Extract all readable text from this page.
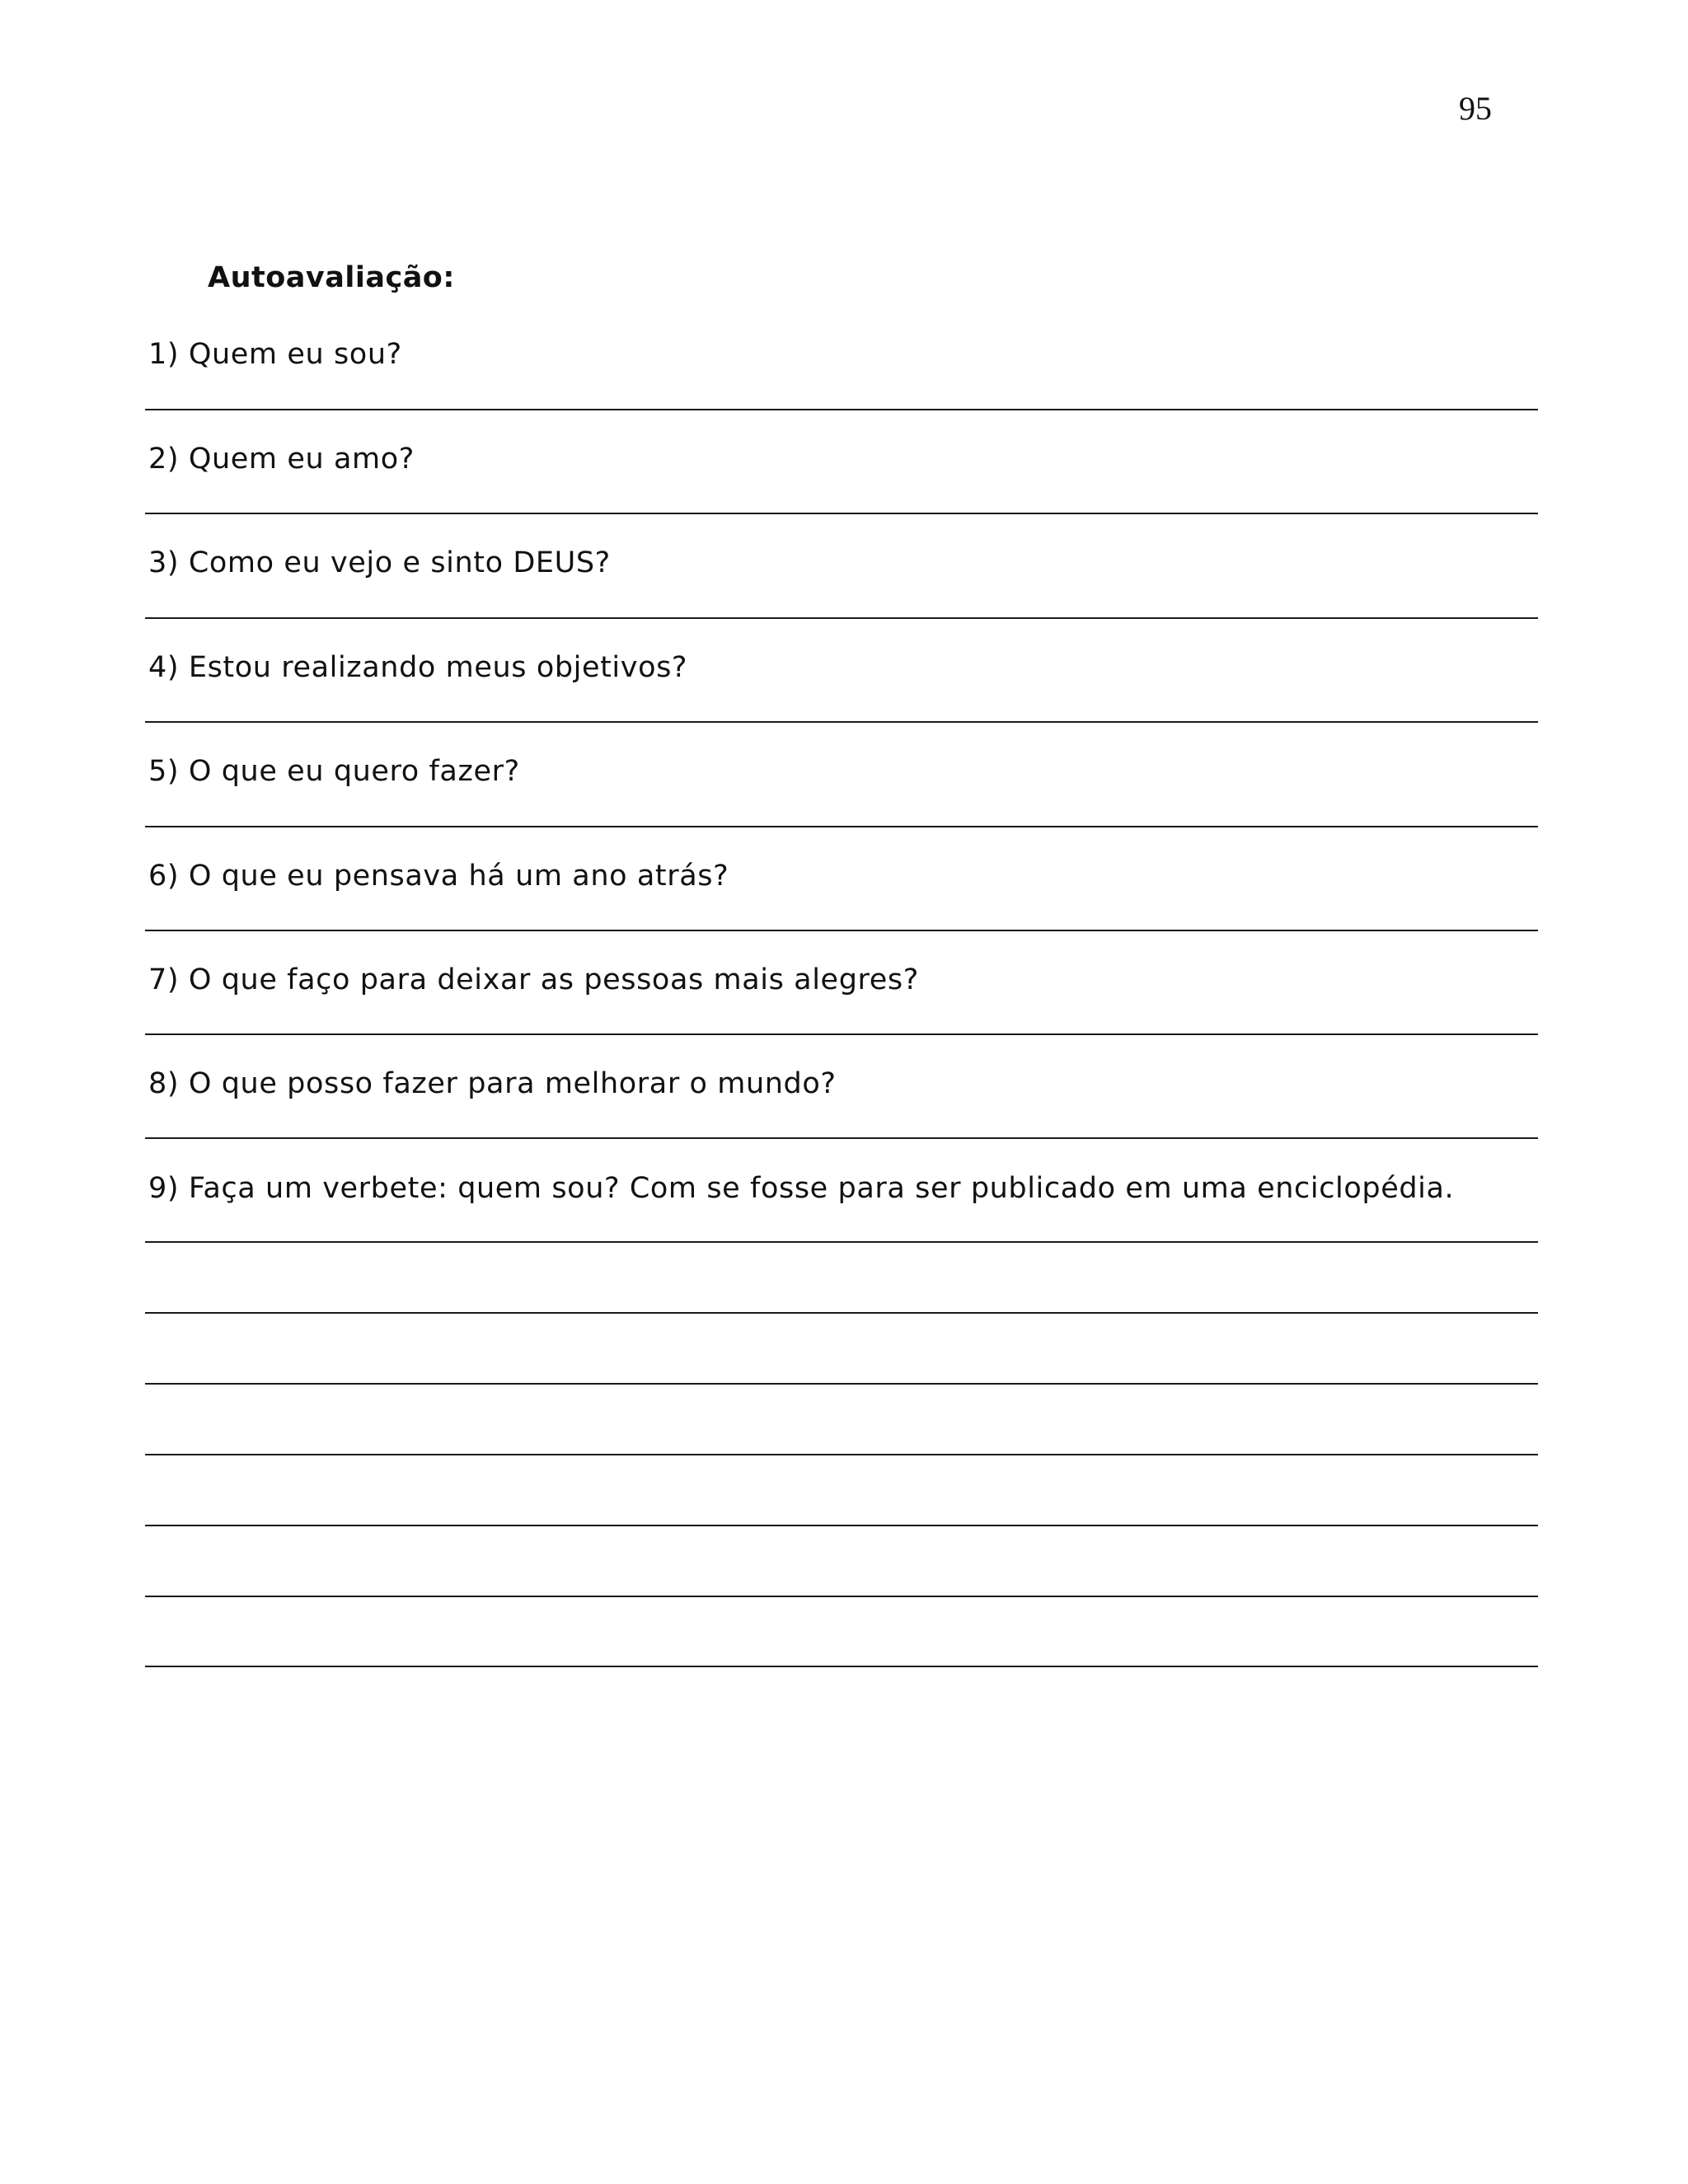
95
Autoavaliação:
1) Quem eu sou?
2) Quem eu amo?
3) Como eu vejo e sinto DEUS?
4) Estou realizando meus objetivos?
5) O que eu quero fazer?
6) O que eu pensava há um ano atrás?
7) O que faço para deixar as pessoas mais alegres?
8) O que posso fazer para melhorar o mundo?
9) Faça um verbete: quem sou? Com se fosse para ser publicado em uma enciclopédia.
